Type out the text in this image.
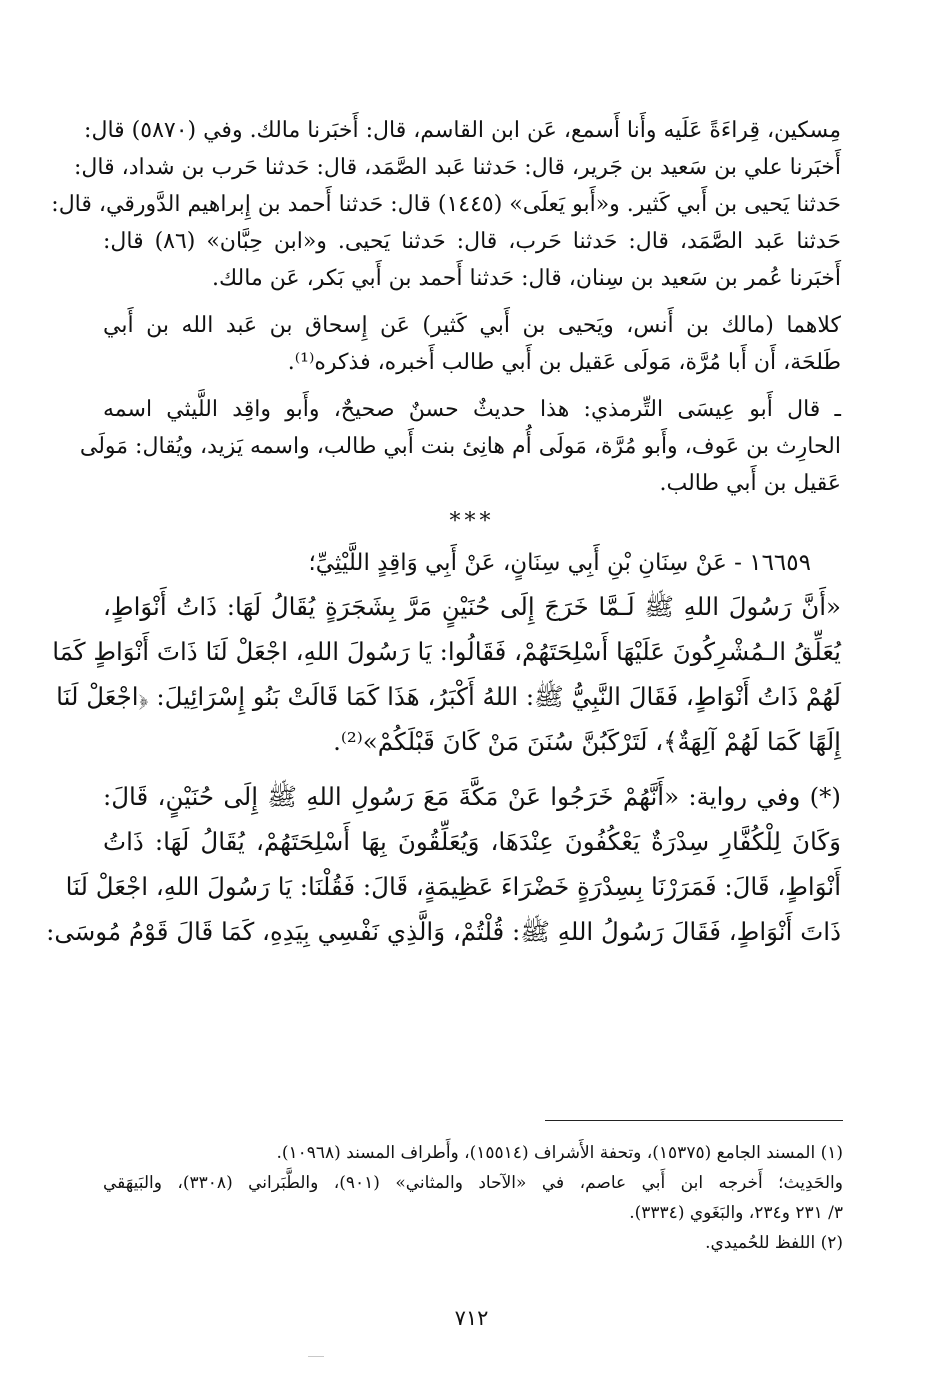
مِسكين، قِراءَةً عَلَيه وأَنا أَسمع، عَن ابن القاسم، قال: أَخبَرنا مالك. وفي (٥٨٧٠) قال:
أَخبَرنا علي بن سَعيد بن جَرير، قال: حَدثنا عَبد الصَّمَد، قال: حَدثنا حَرب بن شداد، قال:
حَدثنا يَحيى بن أَبي كَثير. و«أَبو يَعلَى» (١٤٤٥) قال: حَدثنا أَحمد بن إِبراهيم الدَّورقي، قال:
حَدثنا عَبد الصَّمَد، قال: حَدثنا حَرب، قال: حَدثنا يَحيى. و«ابن حِبَّان» (٨٦) قال:
أَخبَرنا عُمر بن سَعيد بن سِنان، قال: حَدثنا أَحمد بن أَبي بَكر، عَن مالك.
كلاهما (مالك بن أَنس، ويَحيى بن أَبي كَثير) عَن إِسحاق بن عَبد الله بن أَبي
طَلحَة، أَن أَبا مُرَّة، مَولَى عَقيل بن أَبي طالب أَخبره، فذكره⁽¹⁾.
ـ قال أَبو عِيسَى التِّرمذي: هذا حديثٌ حسنٌ صحيحٌ، وأَبو واقِد اللَّيثي اسمه
الحارِث بن عَوف، وأَبو مُرَّة، مَولَى أُم هانِئ بنت أَبي طالب، واسمه يَزيد، ويُقال: مَولَى
عَقيل بن أَبي طالب.
***
١٦٦٥٩ - عَنْ سِنَانِ بْنِ أَبِي سِنَانٍ، عَنْ أَبِي وَاقِدٍ اللَّيْثِيِّ؛
«أَنَّ رَسُولَ اللهِ ﷺ لَـمَّا خَرَجَ إِلَى حُنَيْنٍ مَرَّ بِشَجَرَةٍ يُقَالُ لَهَا: ذَاتُ أَنْوَاطٍ،
يُعَلِّقُ الـمُشْرِكُونَ عَلَيْهَا أَسْلِحَتَهُمْ، فَقَالُوا: يَا رَسُولَ اللهِ، اجْعَلْ لَنَا ذَاتَ أَنْوَاطٍ كَمَا
لَهُمْ ذَاتُ أَنْوَاطٍ، فَقَالَ النَّبِيُّ ﷺ: اللهُ أَكْبَرُ، هَذَا كَمَا قَالَتْ بَنُو إِسْرَائِيلَ: ﴿اجْعَلْ لَنَا
إِلَهًا كَمَا لَهُمْ آلِهَةٌ﴾، لَتَرْكَبُنَّ سُنَنَ مَنْ كَانَ قَبْلَكُمْ»⁽²⁾.
(*) وفي رواية: «أَنَّهُمْ خَرَجُوا عَنْ مَكَّةَ مَعَ رَسُولِ اللهِ ﷺ إِلَى حُنَيْنٍ، قَالَ:
وَكَانَ لِلْكُفَّارِ سِدْرَةٌ يَعْكُفُونَ عِنْدَهَا، وَيُعَلِّقُونَ بِهَا أَسْلِحَتَهُمْ، يُقَالُ لَهَا: ذَاتُ
أَنْوَاطٍ، قَالَ: فَمَرَرْنَا بِسِدْرَةٍ خَضْرَاءَ عَظِيمَةٍ، قَالَ: فَقُلْنَا: يَا رَسُولَ اللهِ، اجْعَلْ لَنَا
ذَاتَ أَنْوَاطٍ، فَقَالَ رَسُولُ اللهِ ﷺ: قُلْتُمْ، وَالَّذِي نَفْسِي بِيَدِهِ، كَمَا قَالَ قَوْمُ مُوسَى:
(١) المسند الجامع (١٥٣٧٥)، وتحفة الأَشراف (١٥٥١٤)، وأَطراف المسند (١٠٩٦٨).
والحَدِيث؛ أَخرجه ابن أَبي عاصم، في «الآحاد والمثاني» (٩٠١)، والطَّبَراني (٣٣٠٨)، والبَيهَقي
٣/ ٢٣١ و٢٣٤، والبَغَوي (٣٣٣٤).
(٢) اللفظ للحُميدي.
٧١٢
